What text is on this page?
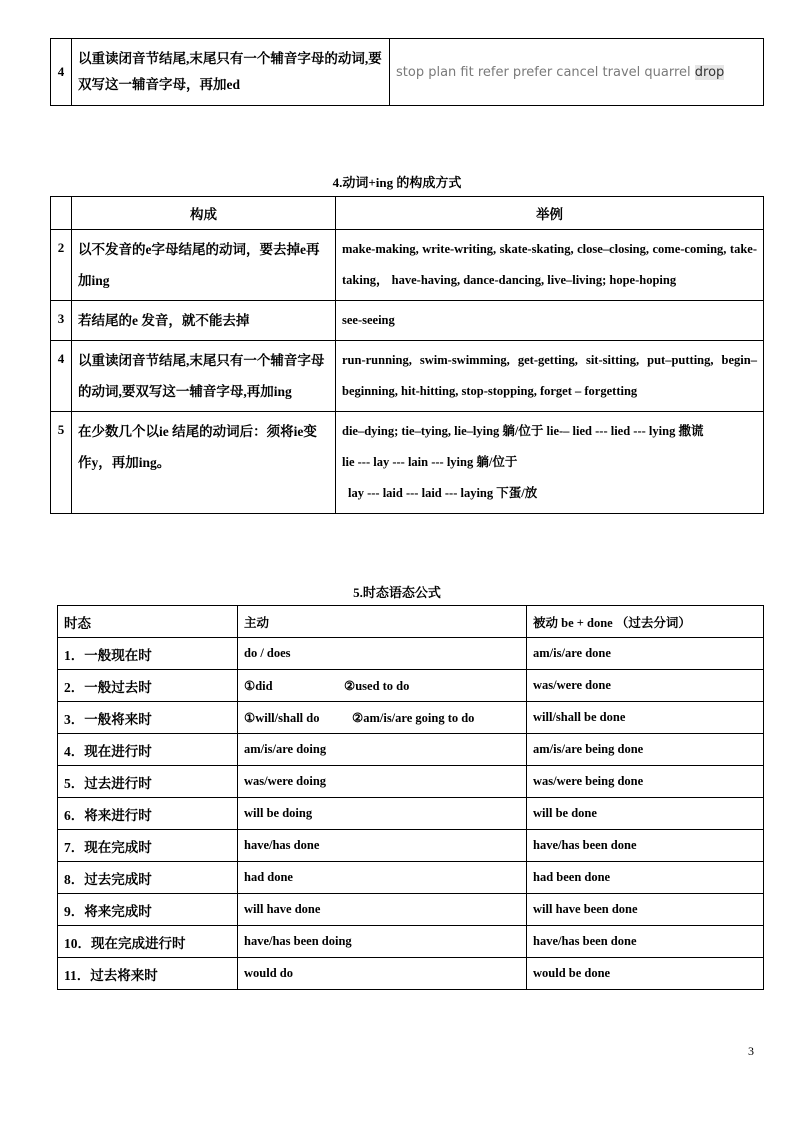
4	以重读闭音节结尾,末尾只有一个辅音字母的动词,要双写这一辅音字母，再加ed	stop plan fit refer prefer cancel travel quarrel drop
4.动词+ing 的构成方式
	构成	举例
2	以不发音的e字母结尾的动词，要去掉e再加ing	make-making, write-writing, skate-skating, close–closing, come-coming, take-taking， have-having, dance-dancing, live–living; hope-hoping
3	若结尾的e 发音，就不能去掉	see-seeing
4	以重读闭音节结尾,末尾只有一个辅音字母的动词,要双写这一辅音字母,再加ing	run-running, swim-swimming, get-getting, sit-sitting, put–putting, begin–beginning, hit-hitting, stop-stopping, forget – forgetting
5	在少数几个以ie 结尾的动词后：须将ie变作y，再加ing。	die–dying; tie–tying, lie–lying 躺/位于 lie-– lied --- lied --- lying 撒谎
lie --- lay --- lain --- lying 躺/位于
lay --- laid --- laid --- laying 下蛋/放
5.时态语态公式
时态	主动	被动 be + done （过去分词）
1．一般现在时	do / does	am/is/are done
2．一般过去时	①did ②used to do	was/were done
3．一般将来时	①will/shall do ②am/is/are going to do	will/shall be done
4．现在进行时	am/is/are doing	am/is/are being done
5．过去进行时	was/were doing	was/were being done
6．将来进行时	will be doing	will be done
7．现在完成时	have/has done	have/has been done
8．过去完成时	had done	had been done
9．将来完成时	will have done	will have been done
10．现在完成进行时	have/has been doing	have/has been done
11．过去将来时	would do	would be done
3
